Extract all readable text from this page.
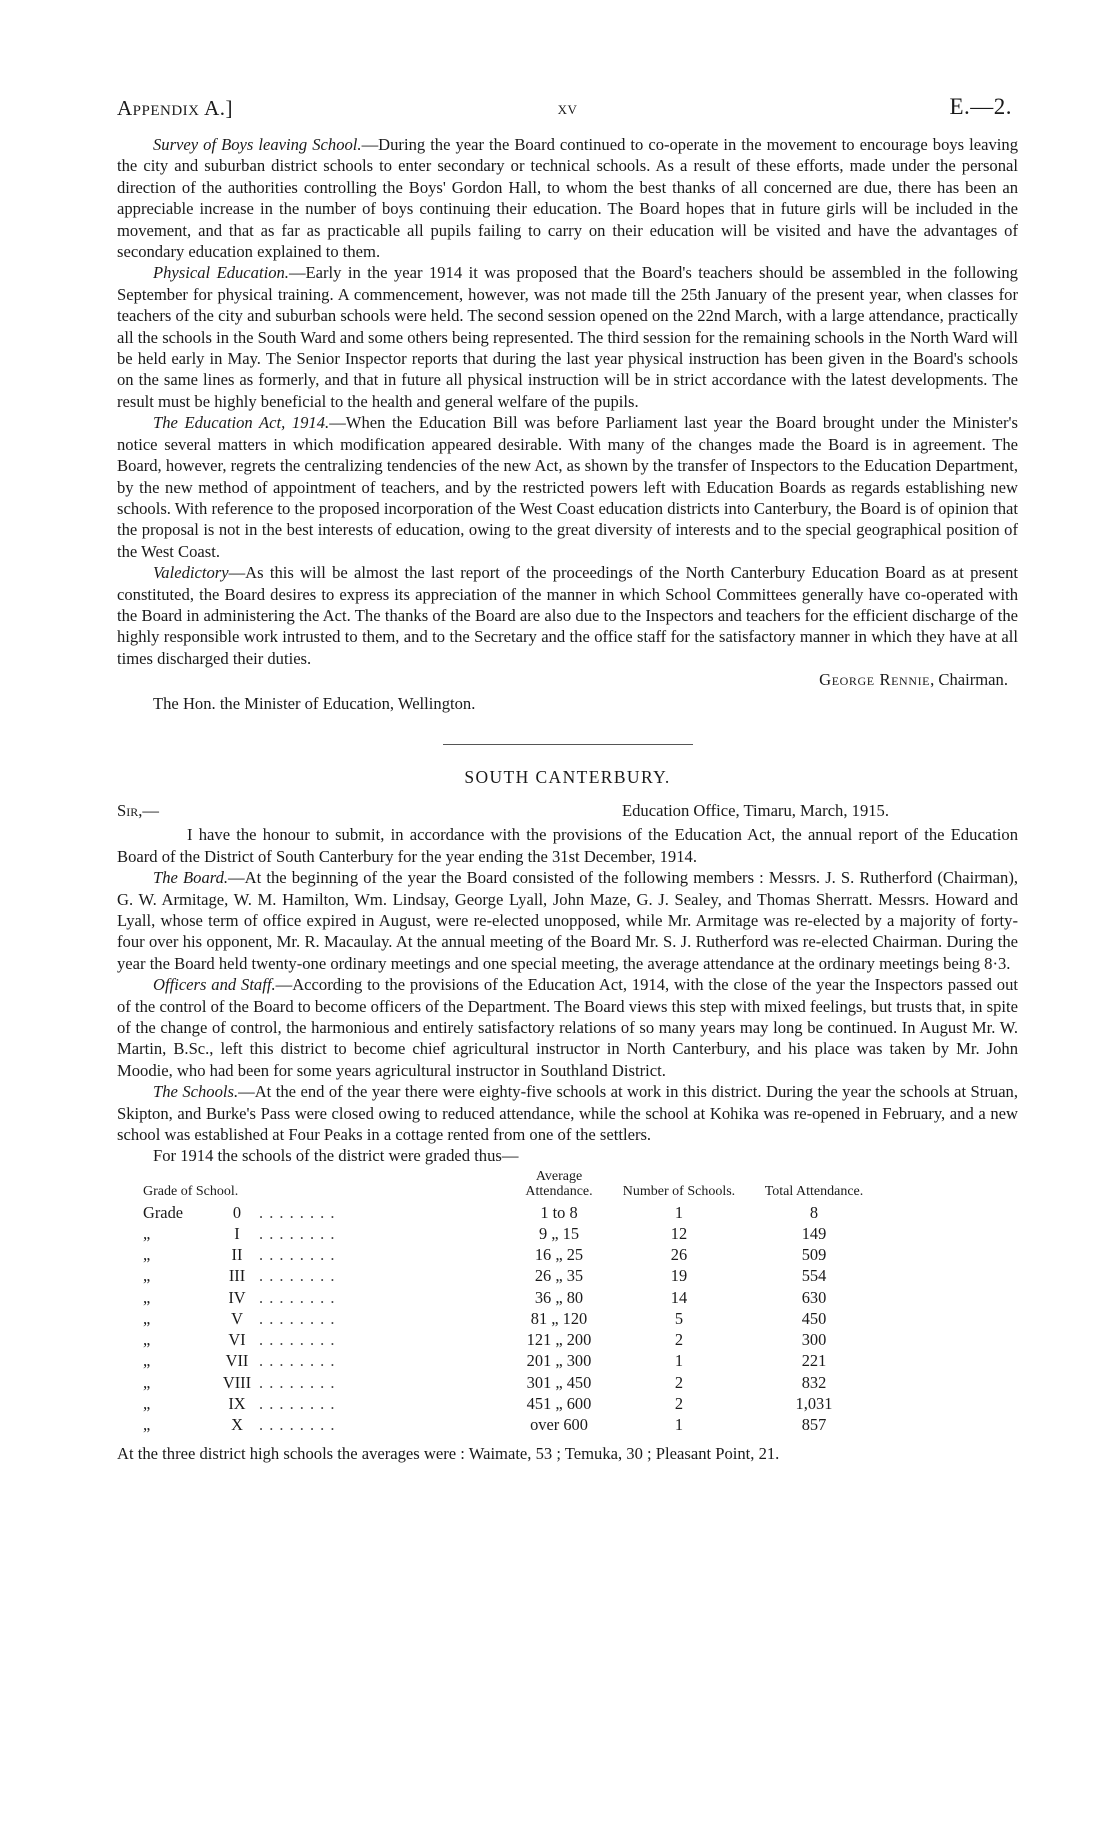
Appendix A.]	xv	E.—2.

Survey of Boys leaving School.—During the year the Board continued to co-operate in the movement to encourage boys leaving the city and suburban district schools to enter secondary or technical schools. As a result of these efforts, made under the personal direction of the authorities controlling the Boys' Gordon Hall, to whom the best thanks of all concerned are due, there has been an appreciable increase in the number of boys continuing their education. The Board hopes that in future girls will be included in the movement, and that as far as practicable all pupils failing to carry on their education will be visited and have the advantages of secondary education explained to them.

Physical Education.—Early in the year 1914 it was proposed that the Board's teachers should be assembled in the following September for physical training. A commencement, however, was not made till the 25th January of the present year, when classes for teachers of the city and suburban schools were held. The second session opened on the 22nd March, with a large attendance, practically all the schools in the South Ward and some others being represented. The third session for the remaining schools in the North Ward will be held early in May. The Senior Inspector reports that during the last year physical instruction has been given in the Board's schools on the same lines as formerly, and that in future all physical instruction will be in strict accordance with the latest developments. The result must be highly beneficial to the health and general welfare of the pupils.

The Education Act, 1914.—When the Education Bill was before Parliament last year the Board brought under the Minister's notice several matters in which modification appeared desirable. With many of the changes made the Board is in agreement. The Board, however, regrets the centralizing tendencies of the new Act, as shown by the transfer of Inspectors to the Education Department, by the new method of appointment of teachers, and by the restricted powers left with Education Boards as regards establishing new schools. With reference to the proposed incorporation of the West Coast education districts into Canterbury, the Board is of opinion that the proposal is not in the best interests of education, owing to the great diversity of interests and to the special geographical position of the West Coast.

Valedictory—As this will be almost the last report of the proceedings of the North Canterbury Education Board as at present constituted, the Board desires to express its appreciation of the manner in which School Committees generally have co-operated with the Board in administering the Act. The thanks of the Board are also due to the Inspectors and teachers for the efficient discharge of the highly responsible work intrusted to them, and to the Secretary and the office staff for the satisfactory manner in which they have at all times discharged their duties.

George Rennie, Chairman.
The Hon. the Minister of Education, Wellington.
SOUTH CANTERBURY.
Sir,—	Education Office, Timaru, March, 1915.

I have the honour to submit, in accordance with the provisions of the Education Act, the annual report of the Education Board of the District of South Canterbury for the year ending the 31st December, 1914.

The Board.—At the beginning of the year the Board consisted of the following members : Messrs. J. S. Rutherford (Chairman), G. W. Armitage, W. M. Hamilton, Wm. Lindsay, George Lyall, John Maze, G. J. Sealey, and Thomas Sherratt. Messrs. Howard and Lyall, whose term of office expired in August, were re-elected unopposed, while Mr. Armitage was re-elected by a majority of forty-four over his opponent, Mr. R. Macaulay. At the annual meeting of the Board Mr. S. J. Rutherford was re-elected Chairman. During the year the Board held twenty-one ordinary meetings and one special meeting, the average attendance at the ordinary meetings being 8·3.

Officers and Staff.—According to the provisions of the Education Act, 1914, with the close of the year the Inspectors passed out of the control of the Board to become officers of the Department. The Board views this step with mixed feelings, but trusts that, in spite of the change of control, the harmonious and entirely satisfactory relations of so many years may long be continued. In August Mr. W. Martin, B.Sc., left this district to become chief agricultural instructor in North Canterbury, and his place was taken by Mr. John Moodie, who had been for some years agricultural instructor in Southland District.

The Schools.—At the end of the year there were eighty-five schools at work in this district. During the year the schools at Struan, Skipton, and Burke's Pass were closed owing to reduced attendance, while the school at Kohika was re-opened in February, and a new school was established at Four Peaks in a cottage rented from one of the settlers.

For 1914 the schools of the district were graded thus—

Grade of School.			Average Attendance.	Number of Schools.	Total Attendance.
Grade	0	. . . . . . . .	1 to 8	1	8
„	I	. . . . . . . .	9 „ 15	12	149
„	II	. . . . . . . .	16 „ 25	26	509
„	III	. . . . . . . .	26 „ 35	19	554
„	IV	. . . . . . . .	36 „ 80	14	630
„	V	. . . . . . . .	81 „ 120	5	450
„	VI	. . . . . . . .	121 „ 200	2	300
„	VII	. . . . . . . .	201 „ 300	1	221
„	VIII	. . . . . . . .	301 „ 450	2	832
„	IX	. . . . . . . .	451 „ 600	2	1,031
„	X	. . . . . . . .	over 600	1	857

At the three district high schools the averages were : Waimate, 53 ; Temuka, 30 ; Pleasant Point, 21.
